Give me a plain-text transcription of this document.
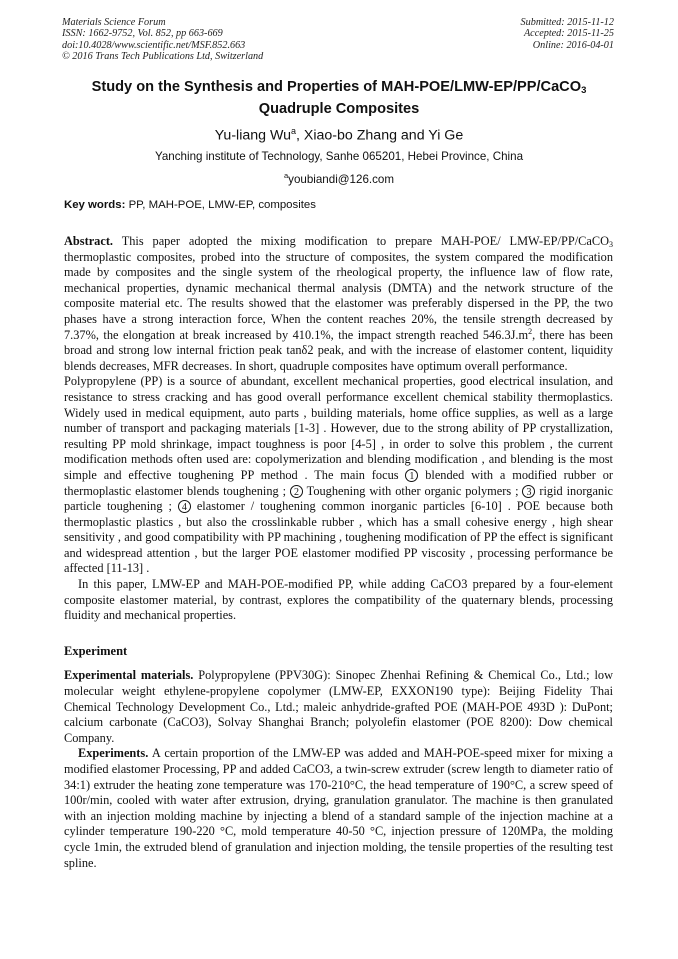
Materials Science Forum
ISSN: 1662-9752, Vol. 852, pp 663-669
doi:10.4028/www.scientific.net/MSF.852.663
© 2016 Trans Tech Publications Ltd, Switzerland
Submitted: 2015-11-12
Accepted: 2015-11-25
Online: 2016-04-01
Study on the Synthesis and Properties of MAH-POE/LMW-EP/PP/CaCO$_3$
Quadruple Composites
Yu-liang Wu$^a$, Xiao-bo Zhang and Yi Ge
Yanching institute of Technology, Sanhe 065201, Hebei Province, China
$^a$youbiandi@126.com
Key words: PP, MAH-POE, LMW-EP, composites

Abstract. This paper adopted the mixing modification to prepare MAH-POE/ LMW-EP/PP/CaCO$_3$ thermoplastic composites, probed into the structure of composites, the system compared the modification made by composites and the single system of the rheological property, the influence law of flow rate, mechanical properties, dynamic mechanical thermal analysis (DMTA) and the network structure of the composite material etc. The results showed that the elastomer was preferably dispersed in the PP, the two phases have a strong interaction force, When the content reaches 20%, the tensile strength decreased by 7.37%, the elongation at break increased by 410.1%, the impact strength reached $546.3J.m^2$, there has been broad and strong low internal friction peak tanδ2 peak, and with the increase of elastomer content, liquidity blends decreases, MFR decreases. In short, quadruple composites have optimum overall performance.

Polypropylene (PP) is a source of abundant, excellent mechanical properties, good electrical insulation, and resistance to stress cracking and has good overall performance excellent chemical stability thermoplastics. Widely used in medical equipment, auto parts , building materials, home office supplies, as well as a large number of transport and packaging materials [1-3] . However, due to the strong ability of PP crystallization, resulting PP mold shrinkage, impact toughness is poor [4-5] , in order to solve this problem , the current modification methods often used are: copolymerization and blending modification , and blending is the most simple and effective toughening PP method . The main focus 1 blended with a modified rubber or thermoplastic elastomer blends toughening ; 2 Toughening with other organic polymers ; 3 rigid inorganic particle toughening ; 4 elastomer / toughening common inorganic particles [6-10] . POE because both thermoplastic plastics , but also the crosslinkable rubber , which has a small cohesive energy , high shear sensitivity , and good compatibility with PP machining , toughening modification of PP the effect is significant and widespread attention , but the larger POE elastomer modified PP viscosity , processing performance be affected [11-13] .

In this paper, LMW-EP and MAH-POE-modified PP, while adding CaCO3 prepared by a four-element composite elastomer material, by contrast, explores the compatibility of the quaternary blends, processing fluidity and mechanical properties.

Experiment

Experimental materials. Polypropylene (PPV30G): Sinopec Zhenhai Refining & Chemical Co., Ltd.; low molecular weight ethylene-propylene copolymer (LMW-EP, EXXON190 type): Beijing Fidelity Thai Chemical Technology Development Co., Ltd.; maleic anhydride-grafted POE (MAH-POE 493D ): DuPont; calcium carbonate (CaCO3), Solvay Shanghai Branch; polyolefin elastomer (POE 8200): Dow chemical Company.

Experiments. A certain proportion of the LMW-EP was added and MAH-POE-speed mixer for mixing a modified elastomer Processing, PP and added CaCO3, a twin-screw extruder (screw length to diameter ratio of 34:1) extruder the heating zone temperature was 170-210°C, the head temperature of 190°C, a screw speed of 100r/min, cooled with water after extrusion, drying, granulation granulator. The machine is then granulated with an injection molding machine by injecting a blend of a standard sample of the injection machine at a cylinder temperature 190-220 °C, mold temperature 40-50 °C, injection pressure of 120MPa, the molding cycle 1min, the extruded blend of granulation and injection molding, the tensile properties of the resulting test spline.
